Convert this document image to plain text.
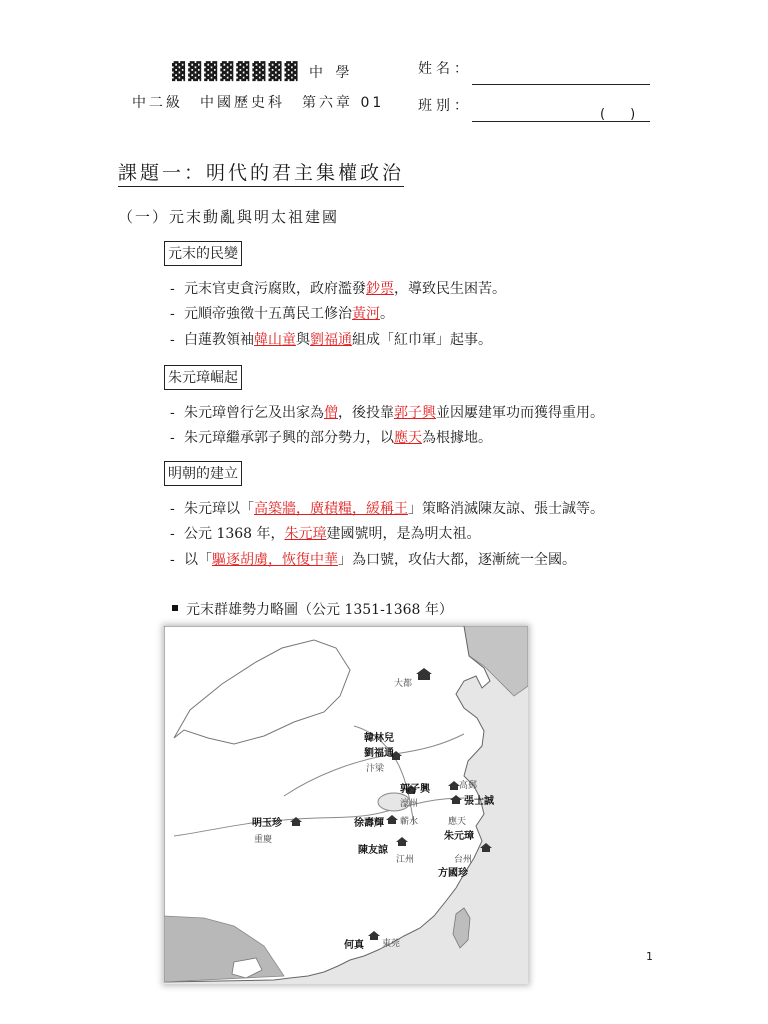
▓▓▓▓▓▓▓▓ 中 學
中二級　中國歷史科　第六章 01
姓名：
班別：
(　)
課題一：明代的君主集權政治
（一）元末動亂與明太祖建國
元末的民變
- 元末官吏貪污腐敗，政府濫發鈔票，導致民生困苦。
- 元順帝強徵十五萬民工修治黃河。
- 白蓮教領袖韓山童與劉福通組成「紅巾軍」起事。
朱元璋崛起
- 朱元璋曾行乞及出家為僧，後投靠郭子興並因屢建軍功而獲得重用。
- 朱元璋繼承郭子興的部分勢力，以應天為根據地。
明朝的建立
- 朱元璋以「高築牆，廣積糧，緩稱王」策略消滅陳友諒、張士誠等。
- 公元 1368 年，朱元璋建國號明，是為明太祖。
- 以「驅逐胡虜，恢復中華」為口號，攻佔大都，逐漸統一全國。
元末群雄勢力略圖（公元 1351-1368 年）
大都
韓林兒
劉福通
汴梁
郭子興
濠州
高郵
張士誠
明玉珍
重慶
徐壽輝 蘄水	應天
朱元璋
陳友諒
江州	台州
方國珍
何真 東莞
1
